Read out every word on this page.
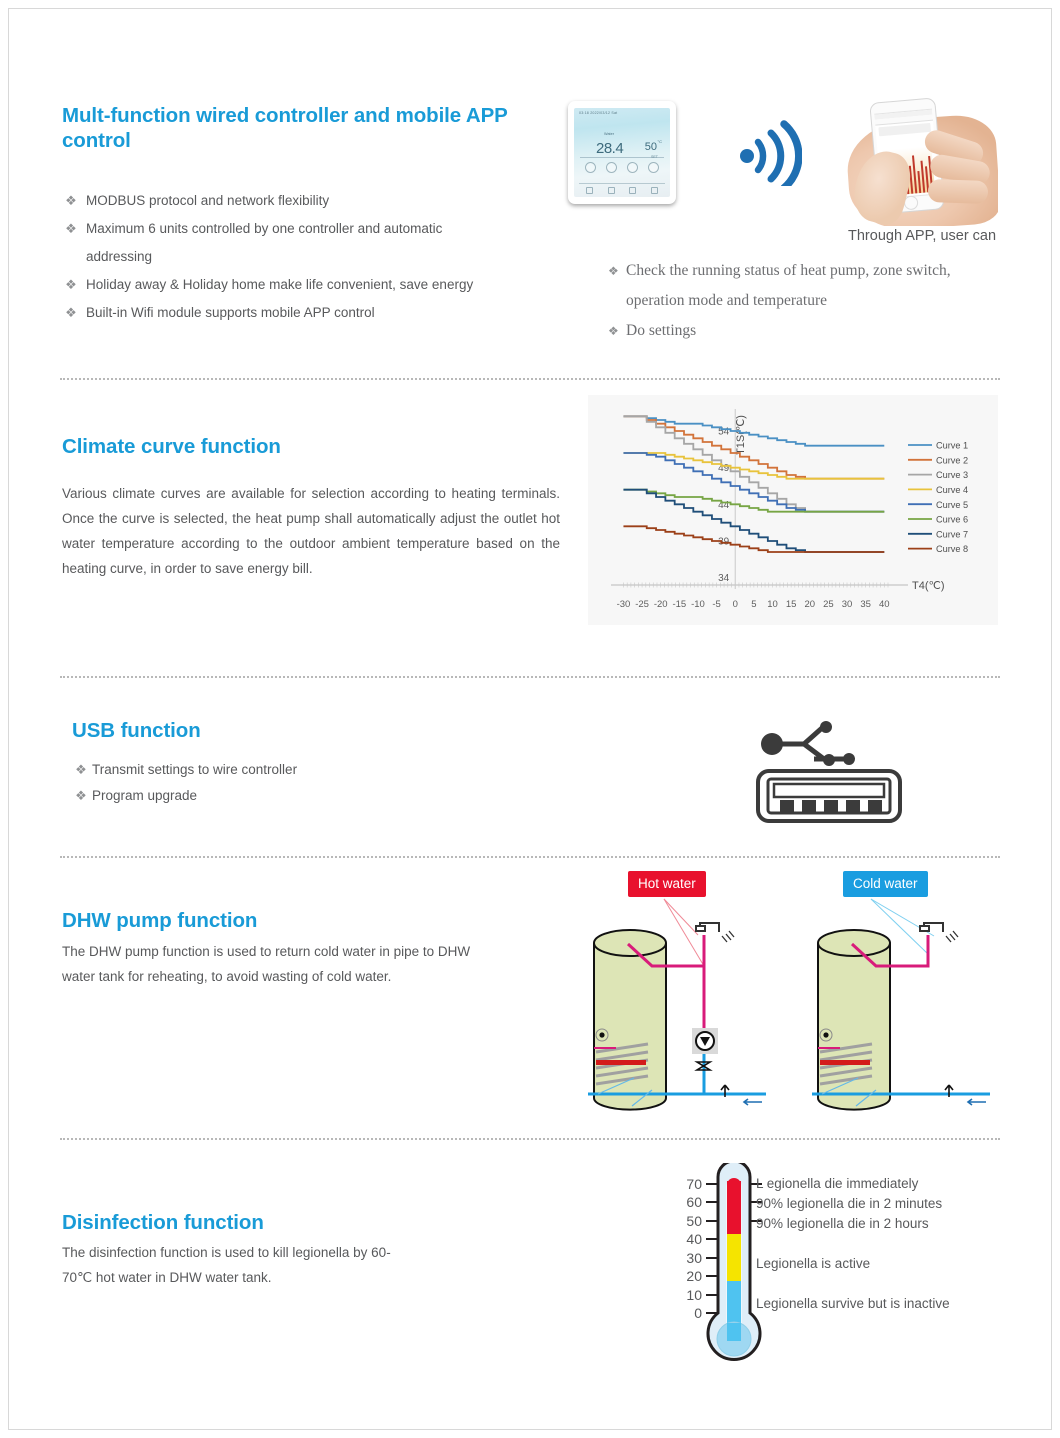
Mult-function wired controller and mobile APP control
❖ MODBUS protocol and network flexibility
❖ Maximum 6 units controlled by one controller and automatic
addressing
❖ Holiday away & Holiday home make life convenient, save energy
❖ Built-in Wifi module supports mobile APP control
03:18 2022/03/12 Sat
Water
28.4 50 °C
SET
Through APP, user can
❖ Check the running status of heat pump, zone switch,
operation mode and temperature
❖ Do settings
Climate curve function

Various climate curves are available for selection according to heating terminals. Once the curve is selected, the heat pump shall automatically adjust the outlet hot water temperature according to the outdoor ambient temperature based on the heating curve, in order to save energy bill.

-30 -25 -20 -15 -10 -5 0 5 10 15 20 25 30 35 40
34
39
44
49
54
T4(℃)
T1S(℃)	Curve 1
Curve 2
Curve 3
Curve 4
Curve 5
Curve 6
Curve 7
Curve 8
USB function
❖ Transmit settings to wire controller
❖ Program upgrade
DHW pump function
The DHW pump function is used to return cold water in pipe to DHW
water tank for reheating, to avoid wasting of cold water.
Hot water	Cold water
Disinfection function
The disinfection function is used to kill legionella by 60-
70℃ hot water in DHW water tank.
70
60
50
40
30
20
10
0
L egionella die immediately
90% legionella die in 2 minutes
90% legionella die in 2 hours
Legionella is active
Legionella survive but is inactive
